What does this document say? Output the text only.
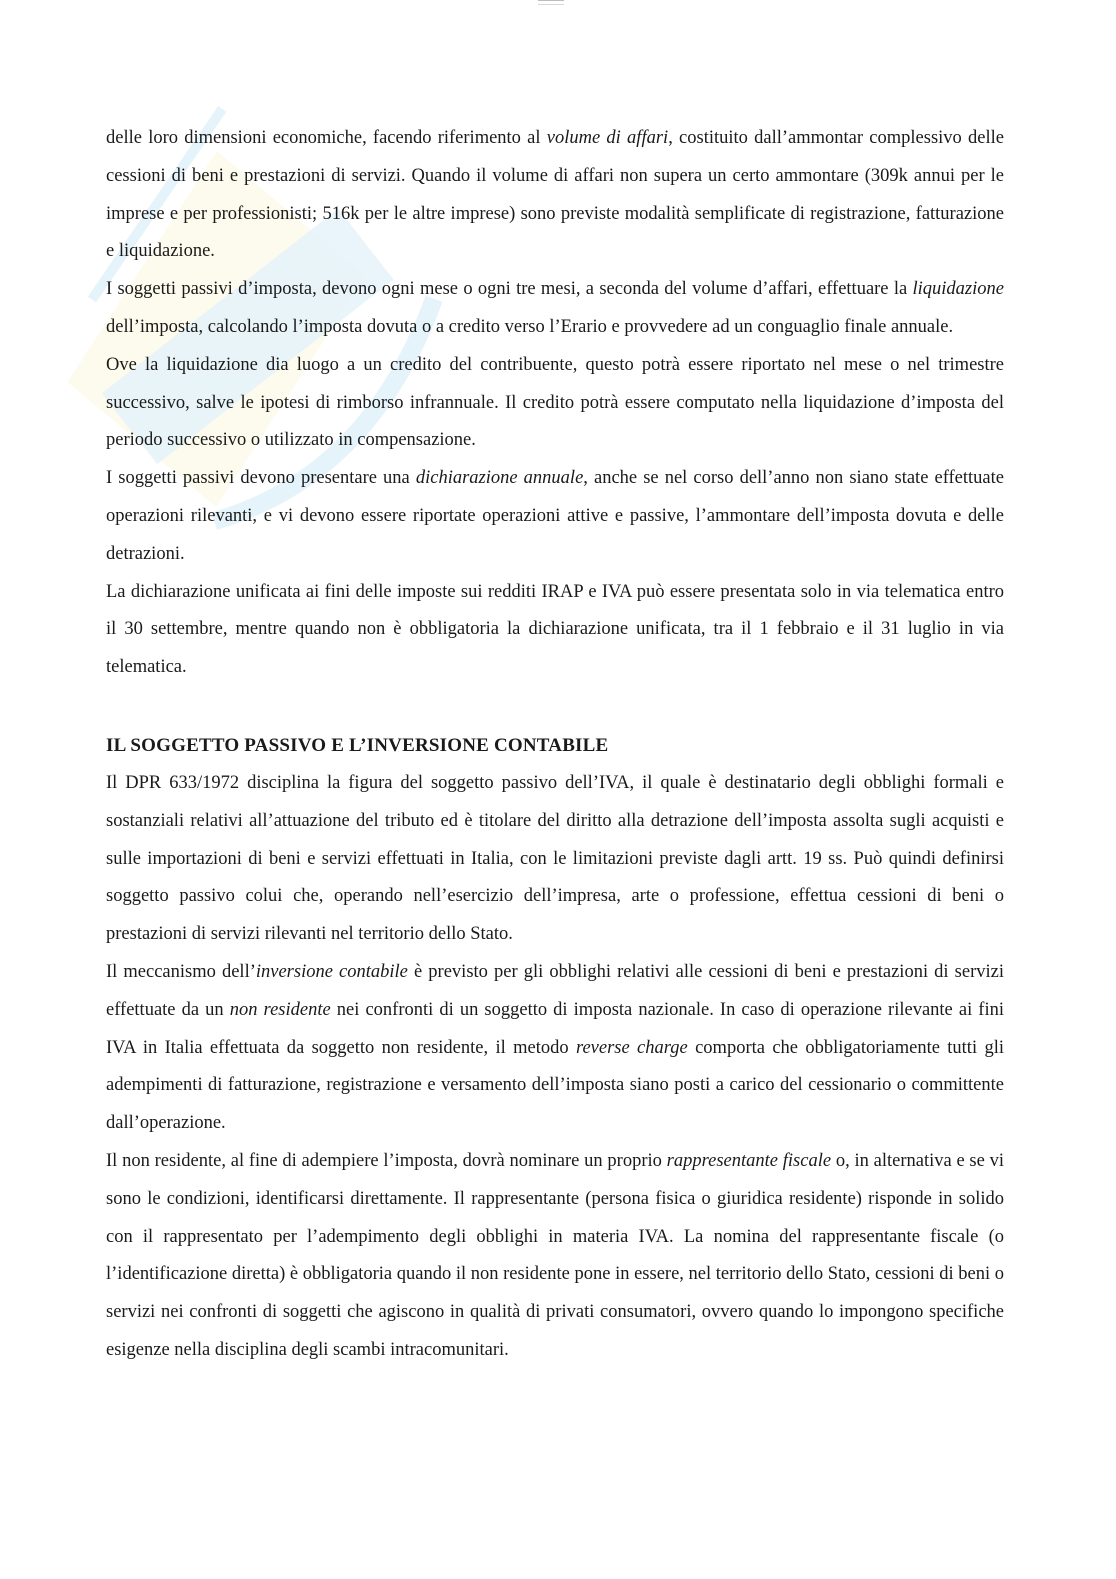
delle loro dimensioni economiche, facendo riferimento al volume di affari, costituito dall’ammontar complessivo delle cessioni di beni e prestazioni di servizi. Quando il volume di affari non supera un certo ammontare (309k annui per le imprese e per professionisti; 516k per le altre imprese) sono previste modalità semplificate di registrazione, fatturazione e liquidazione.

I soggetti passivi d’imposta, devono ogni mese o ogni tre mesi, a seconda del volume d’affari, effettuare la liquidazione dell’imposta, calcolando l’imposta dovuta o a credito verso l’Erario e provvedere ad un conguaglio finale annuale.

Ove la liquidazione dia luogo a un credito del contribuente, questo potrà essere riportato nel mese o nel trimestre successivo, salve le ipotesi di rimborso infrannuale. Il credito potrà essere computato nella liquidazione d’imposta del periodo successivo o utilizzato in compensazione.

I soggetti passivi devono presentare una dichiarazione annuale, anche se nel corso dell’anno non siano state effettuate operazioni rilevanti, e vi devono essere riportate operazioni attive e passive, l’ammontare dell’imposta dovuta e delle detrazioni.

La dichiarazione unificata ai fini delle imposte sui redditi IRAP e IVA può essere presentata solo in via telematica entro il 30 settembre, mentre quando non è obbligatoria la dichiarazione unificata, tra il 1 febbraio e il 31 luglio in via telematica.

IL SOGGETTO PASSIVO E L’INVERSIONE CONTABILE

Il DPR 633/1972 disciplina la figura del soggetto passivo dell’IVA, il quale è destinatario degli obblighi formali e sostanziali relativi all’attuazione del tributo ed è titolare del diritto alla detrazione dell’imposta assolta sugli acquisti e sulle importazioni di beni e servizi effettuati in Italia, con le limitazioni previste dagli artt. 19 ss. Può quindi definirsi soggetto passivo colui che, operando nell’esercizio dell’impresa, arte o professione, effettua cessioni di beni o prestazioni di servizi rilevanti nel territorio dello Stato.

Il meccanismo dell’inversione contabile è previsto per gli obblighi relativi alle cessioni di beni e prestazioni di servizi effettuate da un non residente nei confronti di un soggetto di imposta nazionale. In caso di operazione rilevante ai fini IVA in Italia effettuata da soggetto non residente, il metodo reverse charge comporta che obbligatoriamente tutti gli adempimenti di fatturazione, registrazione e versamento dell’imposta siano posti a carico del cessionario o committente dall’operazione.

Il non residente, al fine di adempiere l’imposta, dovrà nominare un proprio rappresentante fiscale o, in alternativa e se vi sono le condizioni, identificarsi direttamente. Il rappresentante (persona fisica o giuridica residente) risponde in solido con il rappresentato per l’adempimento degli obblighi in materia IVA. La nomina del rappresentante fiscale (o l’identificazione diretta) è obbligatoria quando il non residente pone in essere, nel territorio dello Stato, cessioni di beni o servizi nei confronti di soggetti che agiscono in qualità di privati consumatori, ovvero quando lo impongono specifiche esigenze nella disciplina degli scambi intracomunitari.
